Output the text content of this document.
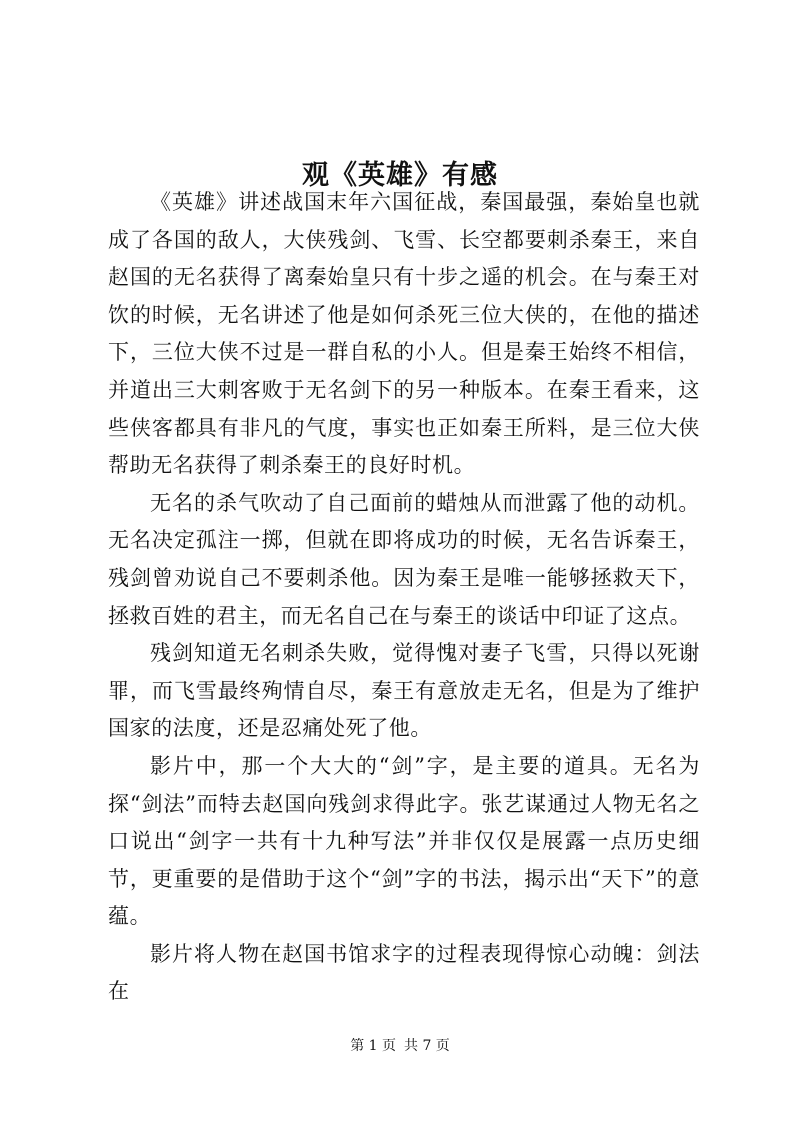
观《英雄》有感

《英雄》讲述战国末年六国征战，秦国最强，秦始皇也就成了各国的敌人，大侠残剑、飞雪、长空都要刺杀秦王，来自赵国的无名获得了离秦始皇只有十步之遥的机会。在与秦王对饮的时候，无名讲述了他是如何杀死三位大侠的，在他的描述下，三位大侠不过是一群自私的小人。但是秦王始终不相信，并道出三大刺客败于无名剑下的另一种版本。在秦王看来，这些侠客都具有非凡的气度，事实也正如秦王所料，是三位大侠帮助无名获得了刺杀秦王的良好时机。

无名的杀气吹动了自己面前的蜡烛从而泄露了他的动机。无名决定孤注一掷，但就在即将成功的时候，无名告诉秦王，残剑曾劝说自己不要刺杀他。因为秦王是唯一能够拯救天下，拯救百姓的君主，而无名自己在与秦王的谈话中印证了这点。

残剑知道无名刺杀失败，觉得愧对妻子飞雪，只得以死谢罪，而飞雪最终殉情自尽，秦王有意放走无名，但是为了维护国家的法度，还是忍痛处死了他。

影片中，那一个大大的“剑”字，是主要的道具。无名为探“剑法”而特去赵国向残剑求得此字。张艺谋通过人物无名之口说出“剑字一共有十九种写法”并非仅仅是展露一点历史细节，更重要的是借助于这个“剑”字的书法，揭示出“天下”的意蕴。

影片将人物在赵国书馆求字的过程表现得惊心动魄：剑法在

第 1 页 共 7 页
